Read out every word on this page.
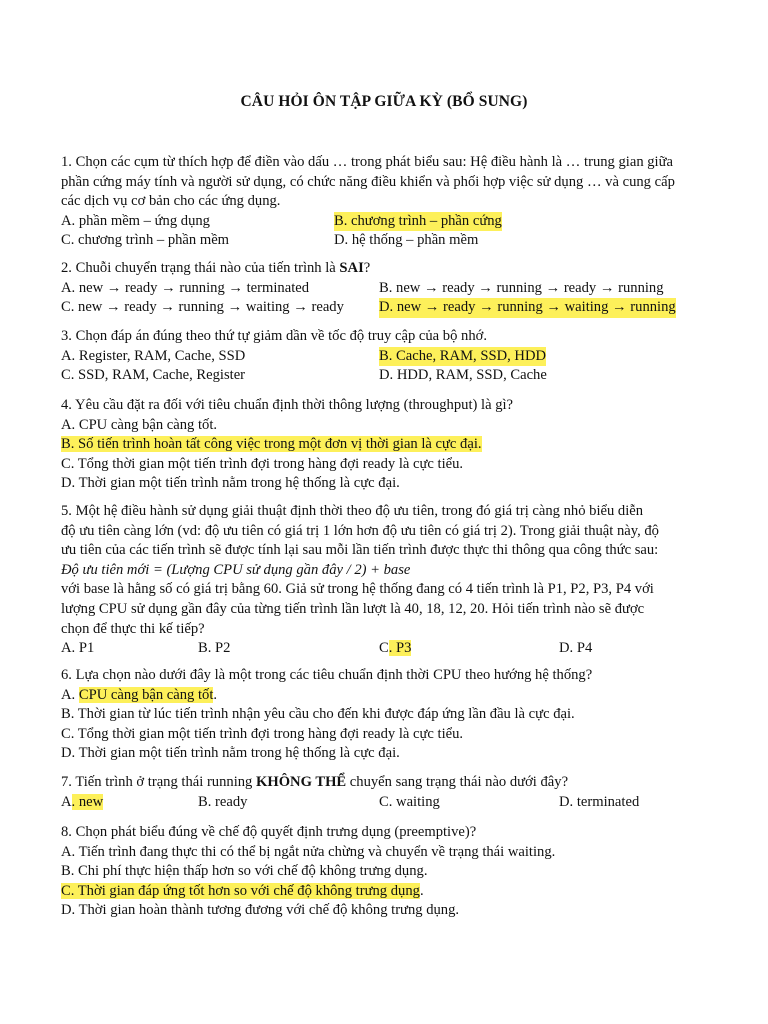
CÂU HỎI ÔN TẬP GIỮA KỲ (BỔ SUNG)
1. Chọn các cụm từ thích hợp để điền vào dấu … trong phát biểu sau: Hệ điều hành là … trung gian giữa
phần cứng máy tính và người sử dụng, có chức năng điều khiển và phối hợp việc sử dụng … và cung cấp
các dịch vụ cơ bản cho các ứng dụng.
A. phần mềm – ứng dụng	B. chương trình – phần cứng
C. chương trình – phần mềm	D. hệ thống – phần mềm
2. Chuỗi chuyển trạng thái nào của tiến trình là SAI?
A. new → ready → running → terminated	B. new → ready → running → ready → running
C. new → ready → running → waiting → ready D. new → ready → running → waiting → running
3. Chọn đáp án đúng theo thứ tự giảm dần về tốc độ truy cập của bộ nhớ.
A. Register, RAM, Cache, SSD	B. Cache, RAM, SSD, HDD
C. SSD, RAM, Cache, Register	D. HDD, RAM, SSD, Cache
4. Yêu cầu đặt ra đối với tiêu chuẩn định thời thông lượng (throughput) là gì?
A. CPU càng bận càng tốt.
B. Số tiến trình hoàn tất công việc trong một đơn vị thời gian là cực đại.
C. Tổng thời gian một tiến trình đợi trong hàng đợi ready là cực tiểu.
D. Thời gian một tiến trình nằm trong hệ thống là cực đại.
5. Một hệ điều hành sử dụng giải thuật định thời theo độ ưu tiên, trong đó giá trị càng nhỏ biểu diễn
độ ưu tiên càng lớn (vd: độ ưu tiên có giá trị 1 lớn hơn độ ưu tiên có giá trị 2). Trong giải thuật này, độ
ưu tiên của các tiến trình sẽ được tính lại sau mỗi lần tiến trình được thực thi thông qua công thức sau:
Độ ưu tiên mới = (Lượng CPU sử dụng gần đây / 2) + base
với base là hằng số có giá trị bằng 60. Giả sử trong hệ thống đang có 4 tiến trình là P1, P2, P3, P4 với
lượng CPU sử dụng gần đây của từng tiến trình lần lượt là 40, 18, 12, 20. Hỏi tiến trình nào sẽ được
chọn để thực thi kế tiếp?
A. P1	B. P2	C. P3	D. P4
6. Lựa chọn nào dưới đây là một trong các tiêu chuẩn định thời CPU theo hướng hệ thống?
A. CPU càng bận càng tốt.
B. Thời gian từ lúc tiến trình nhận yêu cầu cho đến khi được đáp ứng lần đầu là cực đại.
C. Tổng thời gian một tiến trình đợi trong hàng đợi ready là cực tiểu.
D. Thời gian một tiến trình nằm trong hệ thống là cực đại.
7. Tiến trình ở trạng thái running KHÔNG THỂ chuyển sang trạng thái nào dưới đây?
A. new	B. ready	C. waiting	D. terminated
8. Chọn phát biểu đúng về chế độ quyết định trưng dụng (preemptive)?
A. Tiến trình đang thực thi có thể bị ngắt nửa chừng và chuyển về trạng thái waiting.
B. Chi phí thực hiện thấp hơn so với chế độ không trưng dụng.
C. Thời gian đáp ứng tốt hơn so với chế độ không trưng dụng.
D. Thời gian hoàn thành tương đương với chế độ không trưng dụng.
